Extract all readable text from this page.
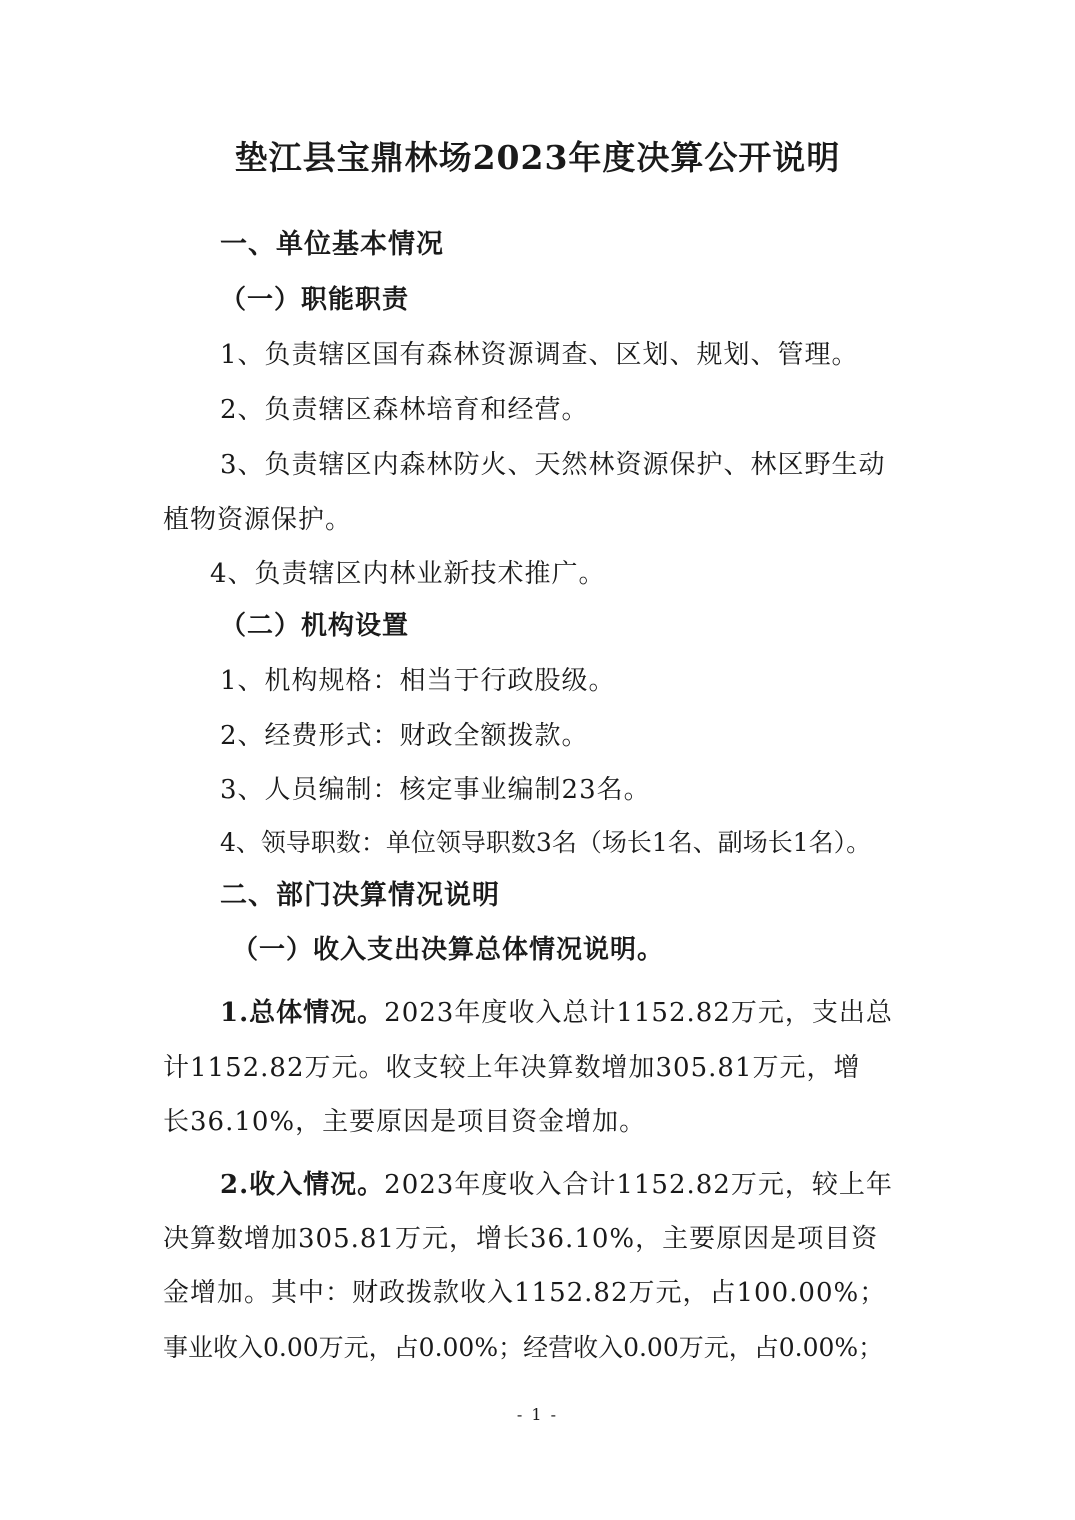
垫江县宝鼎林场2023年度决算公开说明
一、单位基本情况
（一）职能职责
1、负责辖区国有森林资源调查、区划、规划、管理。
2、负责辖区森林培育和经营。
3、负责辖区内森林防火、天然林资源保护、林区野生动
植物资源保护。
4、负责辖区内林业新技术推广。
（二）机构设置
1、机构规格：相当于行政股级。
2、经费形式：财政全额拨款。
3、人员编制：核定事业编制23名。
4、领导职数：单位领导职数3名（场长1名、副场长1名）。
二、部门决算情况说明
（一）收入支出决算总体情况说明。
1.总体情况。2023年度收入总计1152.82万元，支出总
计1152.82万元。收支较上年决算数增加305.81万元，增
长36.10%，主要原因是项目资金增加。
2.收入情况。2023年度收入合计1152.82万元，较上年
决算数增加305.81万元，增长36.10%，主要原因是项目资
金增加。其中：财政拨款收入1152.82万元，占100.00%；
事业收入0.00万元，占0.00%；经营收入0.00万元，占0.00%；
- 1 -
